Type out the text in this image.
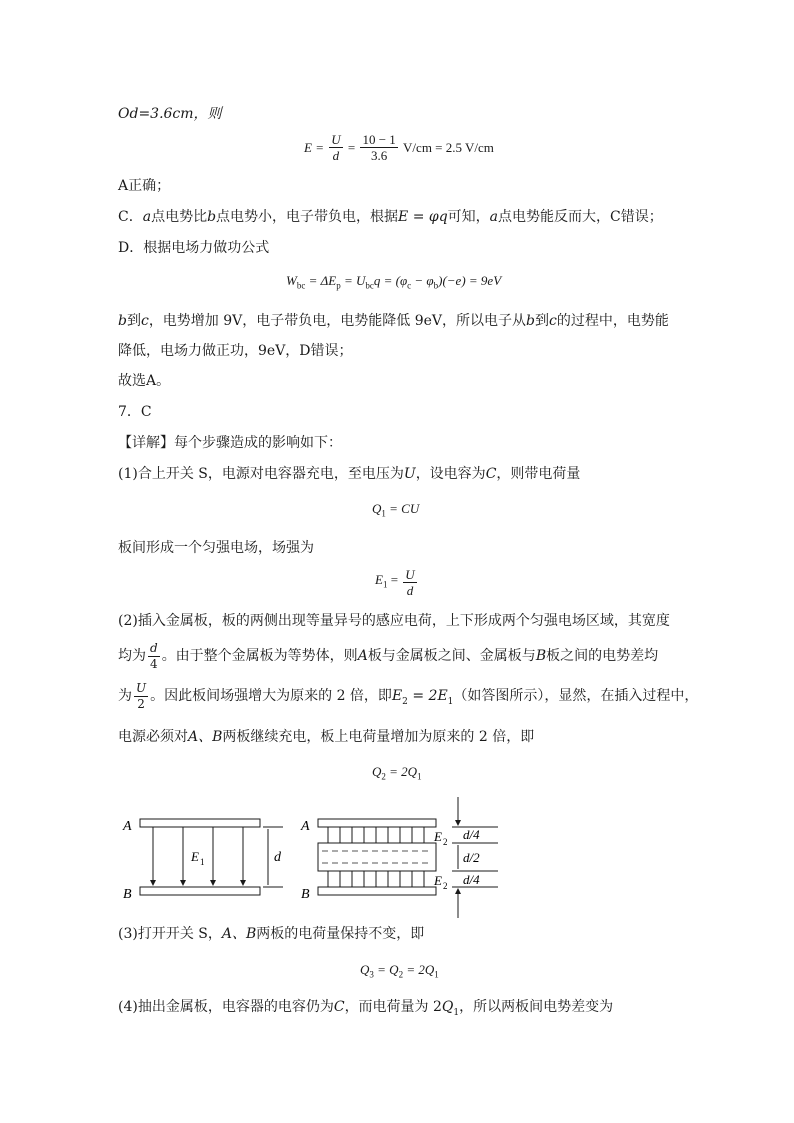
Od=3.6cm，则
$E = \frac{U}{d} = \frac{10 - 1}{3.6} V/cm = 2.5$ V/cm
A正确；
C．a点电势比b点电势小，电子带负电，根据E = φq可知，a点电势能反而大，C错误；
D．根据电场力做功公式
$W_{bc} = \Delta E_p = U_{bc}q = (\varphi_c - \varphi_b)(-e) = 9eV$
b到c，电势增加 9V，电子带负电，电势能降低 9eV，所以电子从b到c的过程中，电势能
降低，电场力做正功，9eV，D错误；
故选A。
7．C
【详解】每个步骤造成的影响如下：
(1)合上开关 S，电源对电容器充电，至电压为U，设电容为C，则带电荷量
$Q_1$ = CU
板间形成一个匀强电场，场强为
$E_1 = \frac{U}{d}$
(2)插入金属板，板的两侧出现等量异号的感应电荷，上下形成两个匀强电场区域，其宽度
均为 $\frac{d}{4}$ 。由于整个金属板为等势体，则A板与金属板之间、金属板与B板之间的电势差均
为 $\frac{U}{2}$ 。因此板间场强增大为原来的 2 倍，即$E_2 = 2E_1$（如答图所示），显然，在插入过程中，
电源必须对A、B两板继续充电，板上电荷量增加为原来的 2 倍，即
$Q_2 = 2Q_1$
A
B
E 1	d
A
B
E 2
E 2
d/4
d/2
d/4
(3)打开开关 S，A、B两板的电荷量保持不变，即
$Q_3 = Q_2 = 2Q_1$
(4)抽出金属板，电容器的电容仍为C，而电荷量为 $2Q_1$，所以两板间电势差变为
